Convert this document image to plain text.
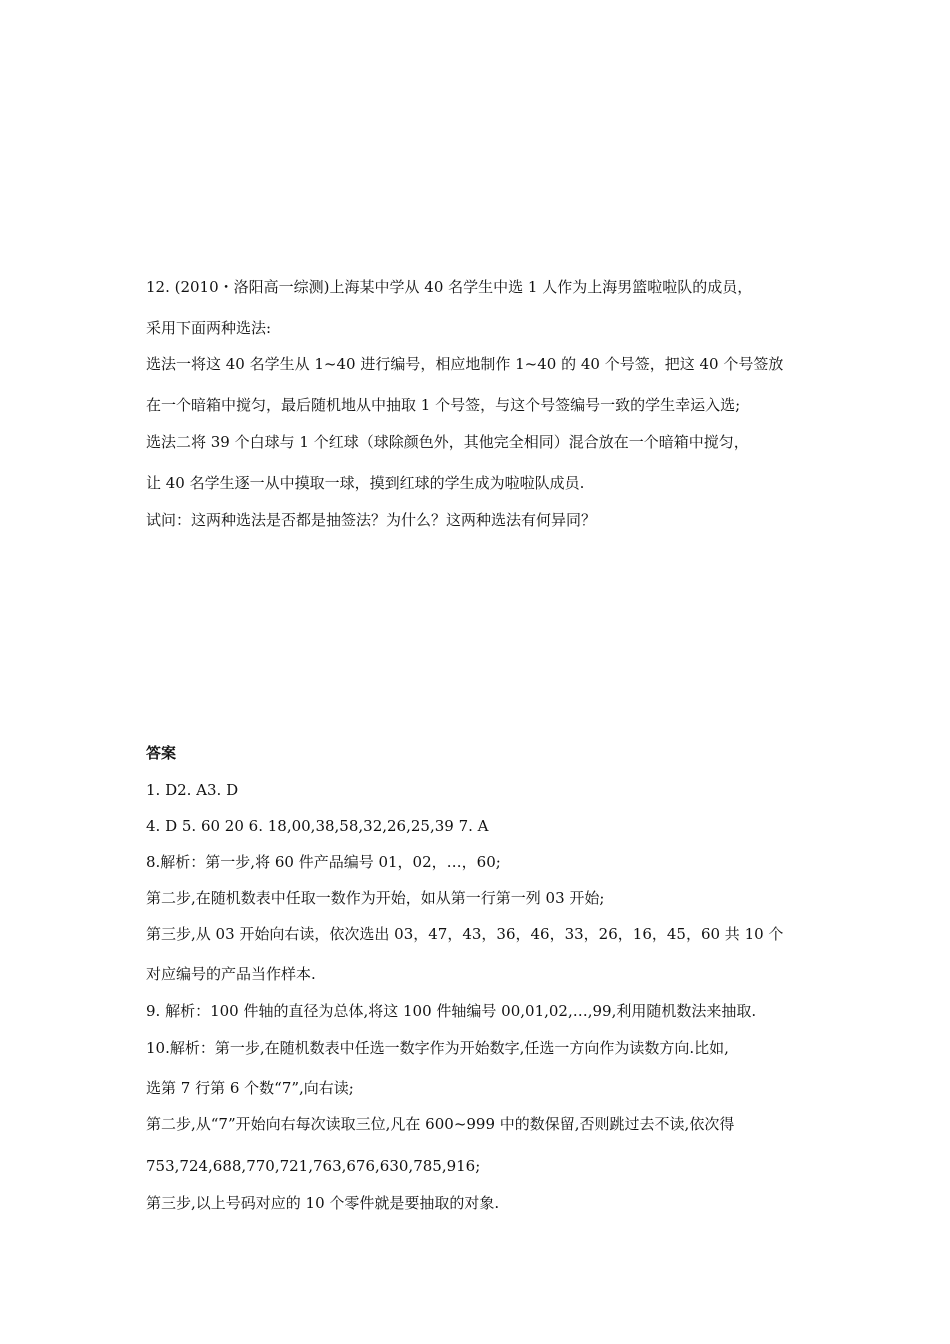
12. (2010・洛阳高一综测)上海某中学从 40 名学生中选 1 人作为上海男篮啦啦队的成员，
采用下面两种选法:
选法一将这 40 名学生从 1~40 进行编号，相应地制作 1~40 的 40 个号签，把这 40 个号签放
在一个暗箱中搅匀，最后随机地从中抽取 1 个号签，与这个号签编号一致的学生幸运入选;
选法二将 39 个白球与 1 个红球（球除颜色外，其他完全相同）混合放在一个暗箱中搅匀，
让 40 名学生逐一从中摸取一球，摸到红球的学生成为啦啦队成员.
试问：这两种选法是否都是抽签法？为什么？这两种选法有何异同？
答案
1. D2. A3. D
4. D 5. 60 20 6. 18,00,38,58,32,26,25,39 7. A
8.解析：第一步,将 60 件产品编号 01，02，…，60;
第二步,在随机数表中任取一数作为开始，如从第一行第一列 03 开始;
第三步,从 03 开始向右读，依次选出 03，47，43，36，46，33，26，16，45，60 共 10 个
对应编号的产品当作样本.
9. 解析：100 件轴的直径为总体,将这 100 件轴编号 00,01,02,…,99,利用随机数法来抽取.
10.解析：第一步,在随机数表中任选一数字作为开始数字,任选一方向作为读数方向.比如,
选第 7 行第 6 个数“7”,向右读;
第二步,从“7”开始向右每次读取三位,凡在 600~999 中的数保留,否则跳过去不读,依次得
753,724,688,770,721,763,676,630,785,916;
第三步,以上号码对应的 10 个零件就是要抽取的对象.
